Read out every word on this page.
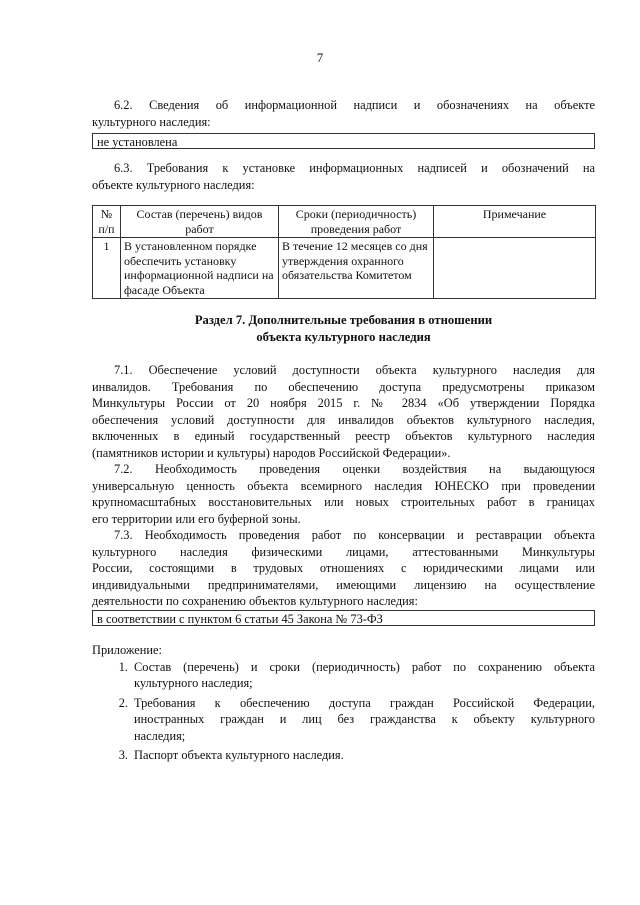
7
6.2. Сведения об информационной надписи и обозначениях на объекте
культурного наследия:
не установлена
6.3. Требования к установке информационных надписей и обозначений на
объекте культурного наследия:
№ п/п	Состав (перечень) видов работ	Сроки (периодичность) проведения работ	Примечание
1	В установленном порядке обеспечить установку информационной надписи на фасаде Объекта	В течение 12 месяцев со дня утверждения охранного обязательства Комитетом	
Раздел 7. Дополнительные требования в отношении
объекта культурного наследия
7.1. Обеспечение условий доступности объекта культурного наследия для
инвалидов. Требования по обеспечению доступа предусмотрены приказом
Минкультуры России от 20 ноября 2015 г. № 2834 «Об утверждении Порядка
обеспечения условий доступности для инвалидов объектов культурного наследия,
включенных в единый государственный реестр объектов культурного наследия
(памятников истории и культуры) народов Российской Федерации».
7.2. Необходимость проведения оценки воздействия на выдающуюся
универсальную ценность объекта всемирного наследия ЮНЕСКО при проведении
крупномасштабных восстановительных или новых строительных работ в границах
его территории или его буферной зоны.
7.3. Необходимость проведения работ по консервации и реставрации объекта
культурного наследия физическими лицами, аттестованными Минкультуры
России, состоящими в трудовых отношениях с юридическими лицами или
индивидуальными предпринимателями, имеющими лицензию на осуществление
деятельности по сохранению объектов культурного наследия:
в соответствии с пунктом 6 статьи 45 Закона № 73-ФЗ
Приложение:
1. Состав (перечень) и сроки (периодичность) работ по сохранению объекта
культурного наследия;
2. Требования к обеспечению доступа граждан Российской Федерации,
иностранных граждан и лиц без гражданства к объекту культурного
наследия;
3. Паспорт объекта культурного наследия.
